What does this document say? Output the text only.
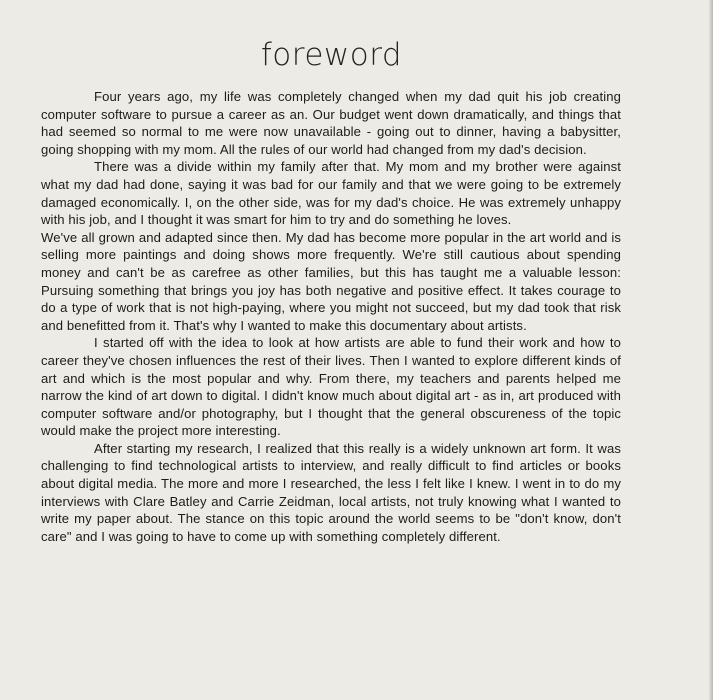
foreword

Four years ago, my life was completely changed when my dad quit his job creating computer software to pursue a career as an. Our budget went down dramatically, and things that had seemed so normal to me were now unavailable - going out to dinner, having a babysitter, going shopping with my mom. All the rules of our world had changed from my dad's decision.

There was a divide within my family after that. My mom and my brother were against what my dad had done, saying it was bad for our family and that we were going to be extremely damaged economically. I, on the other side, was for my dad's choice. He was extremely unhappy with his job, and I thought it was smart for him to try and do something he loves.

We've all grown and adapted since then. My dad has become more popular in the art world and is selling more paintings and doing shows more frequently. We're still cautious about spending money and can't be as carefree as other families, but this has taught me a valuable lesson: Pursuing something that brings you joy has both negative and positive effect. It takes courage to do a type of work that is not high-paying, where you might not succeed, but my dad took that risk and benefitted from it. That's why I wanted to make this documentary about artists.

I started off with the idea to look at how artists are able to fund their work and how to career they've chosen influences the rest of their lives. Then I wanted to explore different kinds of art and which is the most popular and why. From there, my teachers and parents helped me narrow the kind of art down to digital. I didn't know much about digital art - as in, art produced with computer software and/or photography, but I thought that the general obscureness of the topic would make the project more interesting.

After starting my research, I realized that this really is a widely unknown art form. It was challenging to find technological artists to interview, and really difficult to find articles or books about digital media. The more and more I researched, the less I felt like I knew. I went in to do my interviews with Clare Batley and Carrie Zeidman, local artists, not truly knowing what I wanted to write my paper about. The stance on this topic around the world seems to be "don't know, don't care" and I was going to have to come up with something completely different.
